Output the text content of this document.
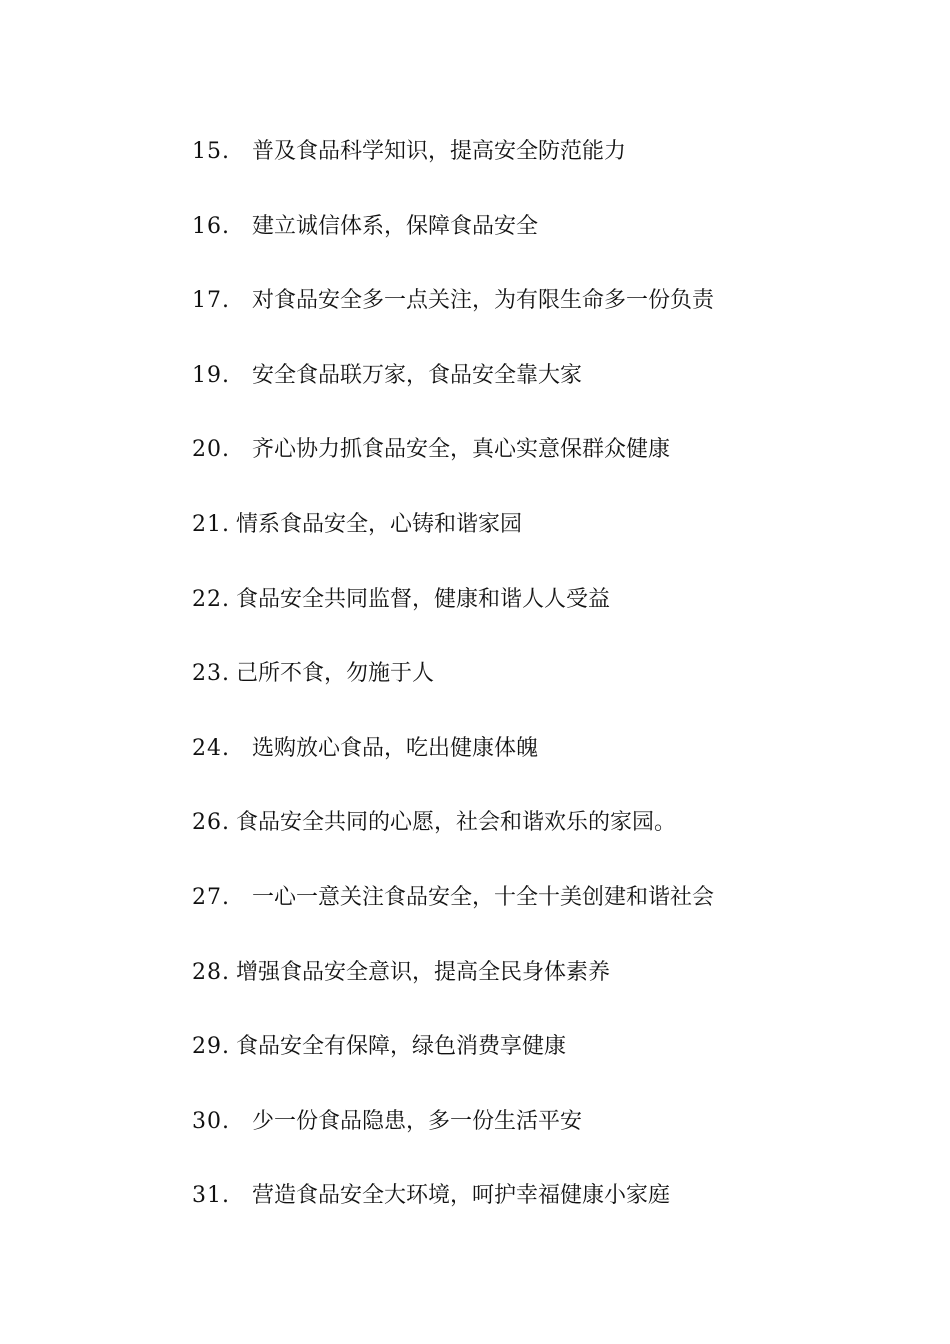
15. 普及食品科学知识，提高安全防范能力
16. 建立诚信体系，保障食品安全
17. 对食品安全多一点关注，为有限生命多一份负责
19. 安全食品联万家，食品安全靠大家
20. 齐心协力抓食品安全，真心实意保群众健康
21. 情系食品安全，心铸和谐家园
22. 食品安全共同监督，健康和谐人人受益
23. 己所不食，勿施于人
24. 选购放心食品，吃出健康体魄
26. 食品安全共同的心愿，社会和谐欢乐的家园。
27. 一心一意关注食品安全，十全十美创建和谐社会
28. 增强食品安全意识，提高全民身体素养
29. 食品安全有保障，绿色消费享健康
30. 少一份食品隐患，多一份生活平安
31. 营造食品安全大环境，呵护幸福健康小家庭
